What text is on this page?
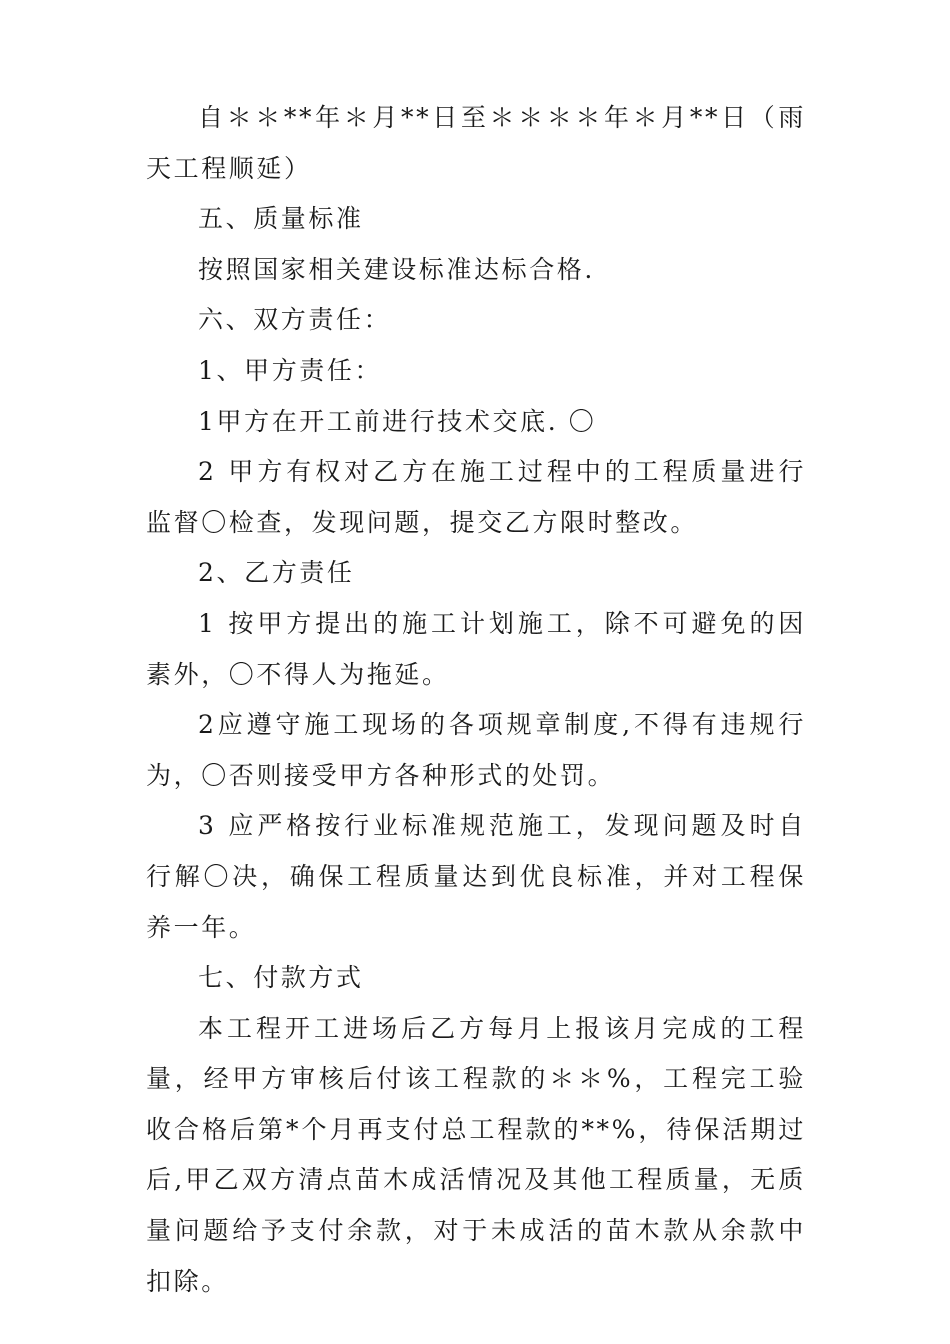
自＊＊**年＊月**日至＊＊＊＊年＊月**日（雨天工程顺延）

五、质量标准

按照国家相关建设标准达标合格.

六、双方责任：

1、甲方责任：

1甲方在开工前进行技术交底. 〇

2 甲方有权对乙方在施工过程中的工程质量进行监督〇检查，发现问题，提交乙方限时整改。

2、乙方责任

1 按甲方提出的施工计划施工，除不可避免的因素外，〇不得人为拖延。

2应遵守施工现场的各项规章制度,不得有违规行为，〇否则接受甲方各种形式的处罚。

3 应严格按行业标准规范施工，发现问题及时自行解〇决，确保工程质量达到优良标准，并对工程保养一年。

七、付款方式

本工程开工进场后乙方每月上报该月完成的工程量，经甲方审核后付该工程款的＊＊%，工程完工验收合格后第*个月再支付总工程款的**%，待保活期过后,甲乙双方清点苗木成活情况及其他工程质量，无质量问题给予支付余款，对于未成活的苗木款从余款中扣除。
